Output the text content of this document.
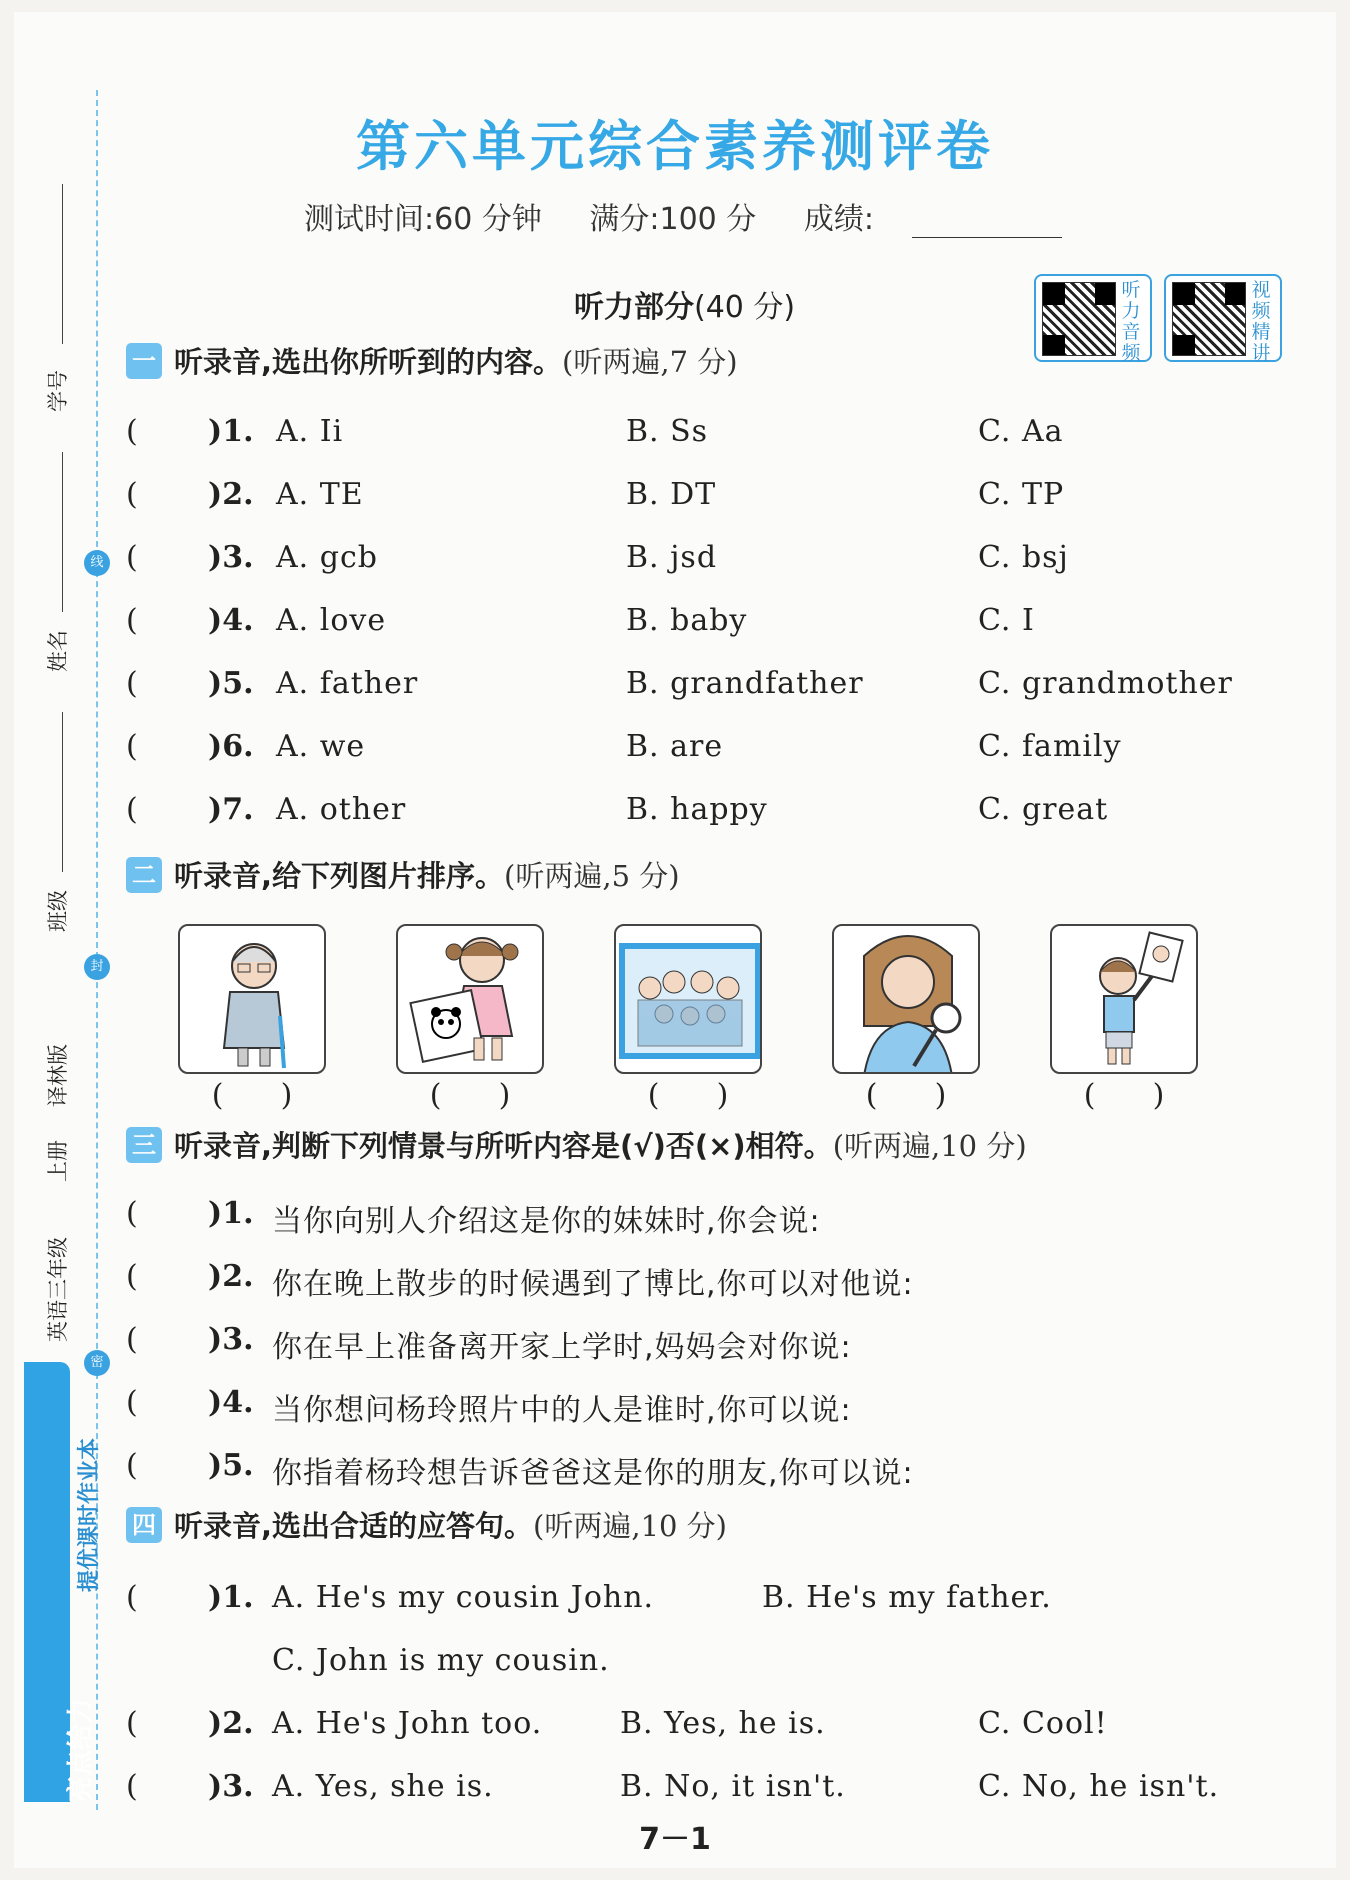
线
封
密
学号
姓名
班级
译林版
上册
英语三年级
亮点给力
提优课时作业本
第六单元综合素养测评卷
测试时间:60 分钟 满分:100 分 成绩:
听力部分(40 分)	听力音频
视频精讲
一 听录音,选出你所听到的内容。(听两遍,7 分)
( )1. A. Ii	B. Ss	C. Aa
( )2. A. TE	B. DT	C. TP
( )3. A. gcb	B. jsd	C. bsj
( )4. A. love	B. baby	C. I
( )5. A. father	B. grandfather	C. grandmother
( )6. A. we	B. are	C. family
( )7. A. other	B. happy	C. great
二 听录音,给下列图片排序。(听两遍,5 分)
(      )	(      )	(      )	(      )	(      )
三 听录音,判断下列情景与所听内容是(√)否(×)相符。(听两遍,10 分)
( )1. 当你向别人介绍这是你的妹妹时,你会说:
( )2. 你在晚上散步的时候遇到了博比,你可以对他说:
( )3. 你在早上准备离开家上学时,妈妈会对你说:
( )4. 当你想问杨玲照片中的人是谁时,你可以说:
( )5. 你指着杨玲想告诉爸爸这是你的朋友,你可以说:
四 听录音,选出合适的应答句。(听两遍,10 分)
( )1. A. He's my cousin John.	B. He's my father.
C. John is my cousin.
( )2. A. He's John too.	B. Yes, he is.	C. Cool!
( )3. A. Yes, she is.	B. No, it isn't.	C. No, he isn't.
7－1
